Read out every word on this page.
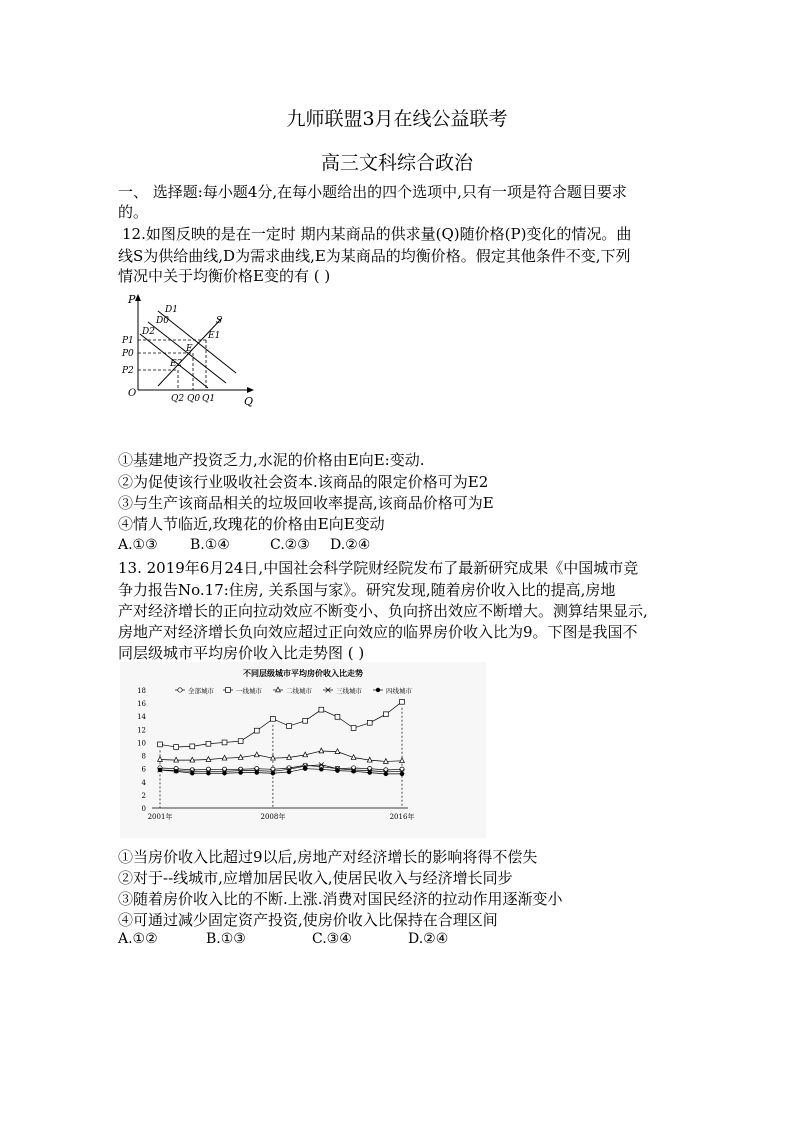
九师联盟3月在线公益联考
高三文科综合政治
一、 选择题:每小题4分,在每小题给出的四个选项中,只有一项是符合题目要求
的。
12.如图反映的是在一定时 期内某商品的供求量(Q)随价格(P)变化的情况。曲
线S为供给曲线,D为需求曲线,E为某商品的均衡价格。假定其他条件不变,下列
情况中关于均衡价格E变的有 ( )
P
Q
O
D1
D0
D2
S
E1
E
E2
P1
P0
P2
Q2 Q0 Q1
①基建地产投资乏力,水泥的价格由E向E:变动.
②为促使该行业吸收社会资本.该商品的限定价格可为E2
③与生产该商品相关的垃圾回收率提高,该商品价格可为E
④情人节临近,玫瑰花的价格由E向E变动
A.①③ B.①④	C.②③ D.②④
13. 2019年6月24日,中国社会科学院财经院发布了最新研究成果《中国城市竞
争力报告No.17:住房, 关系国与家》。研究发现,随着房价收入比的提高,房地
产对经济增长的正向拉动效应不断变小、负向挤出效应不断增大。测算结果显示,
房地产对经济增长负向效应超过正向效应的临界房价收入比为9。下图是我国不
同层级城市平均房价收入比走势图 ( )
不同层级城市平均房价收入比走势
0
2
4
6
8
10
12
14
16
18
2001年	2008年	2016年
全部城市	一线城市	二线城市	三线城市	四线城市
①当房价收入比超过9以后,房地产对经济增长的影响将得不偿失
②对于--线城市,应增加居民收入,使居民收入与经济增长同步
③随着房价收入比的不断.上涨.消费对国民经济的拉动作用逐渐变小
④可通过减少固定资产投资,使房价收入比保持在合理区间
A.①②	B.①③	C.③④	D.②④
